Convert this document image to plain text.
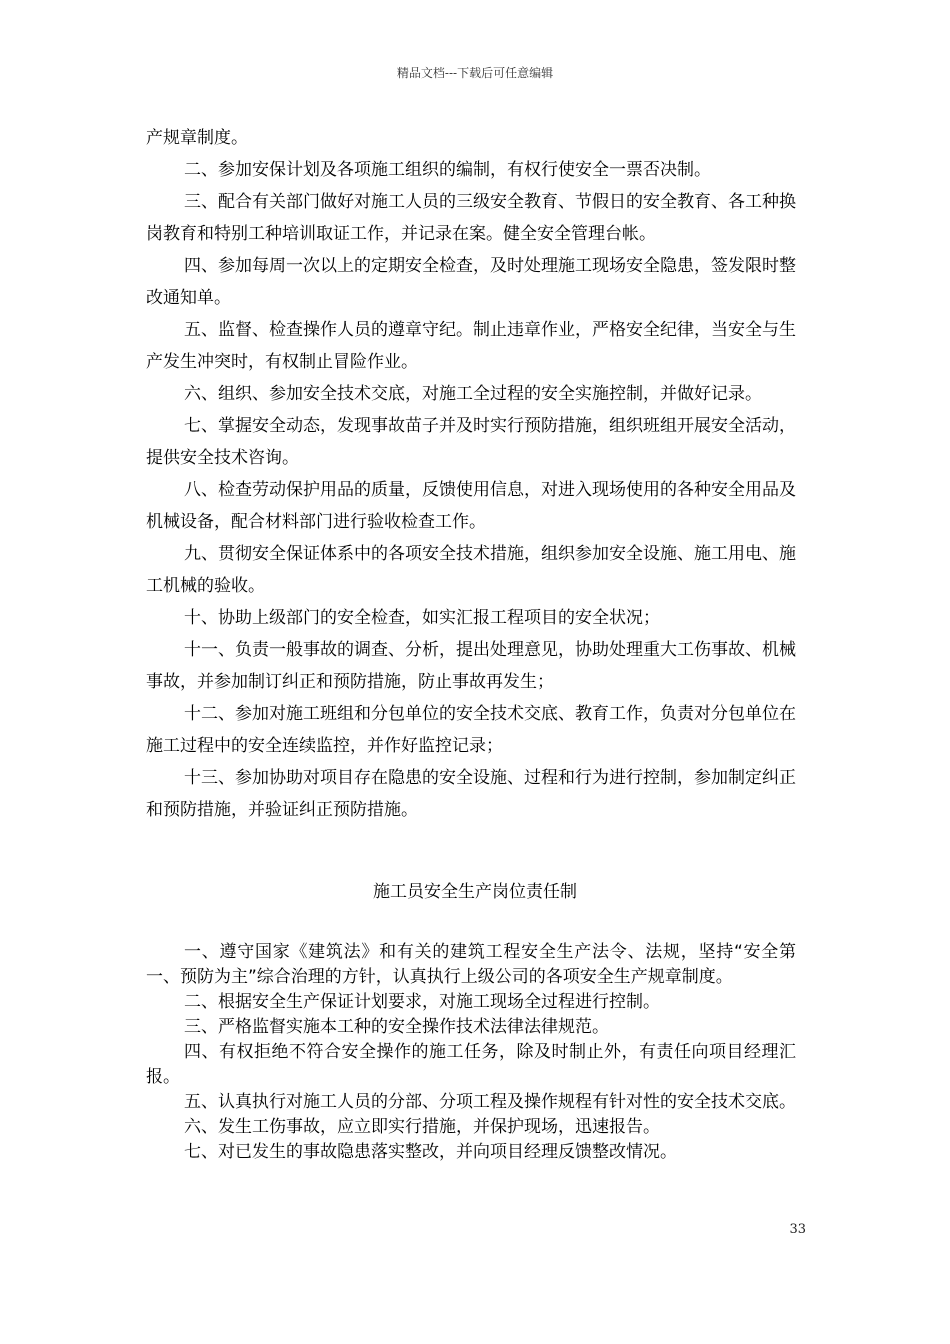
精品文档---下载后可任意编辑

产规章制度。

二、参加安保计划及各项施工组织的编制，有权行使安全一票否决制。

三、配合有关部门做好对施工人员的三级安全教育、节假日的安全教育、各工种换岗教育和特别工种培训取证工作，并记录在案。健全安全管理台帐。

四、参加每周一次以上的定期安全检查，及时处理施工现场安全隐患，签发限时整改通知单。

五、监督、检查操作人员的遵章守纪。制止违章作业，严格安全纪律，当安全与生产发生冲突时，有权制止冒险作业。

六、组织、参加安全技术交底，对施工全过程的安全实施控制，并做好记录。

七、掌握安全动态，发现事故苗子并及时实行预防措施，组织班组开展安全活动，提供安全技术咨询。

八、检查劳动保护用品的质量，反馈使用信息，对进入现场使用的各种安全用品及机械设备，配合材料部门进行验收检查工作。

九、贯彻安全保证体系中的各项安全技术措施，组织参加安全设施、施工用电、施工机械的验收。

十、协助上级部门的安全检查，如实汇报工程项目的安全状况；

十一、负责一般事故的调查、分析，提出处理意见，协助处理重大工伤事故、机械事故，并参加制订纠正和预防措施，防止事故再发生；

十二、参加对施工班组和分包单位的安全技术交底、教育工作，负责对分包单位在施工过程中的安全连续监控，并作好监控记录；

十三、参加协助对项目存在隐患的安全设施、过程和行为进行控制，参加制定纠正和预防措施，并验证纠正预防措施。

施工员安全生产岗位责任制

一、遵守国家《建筑法》和有关的建筑工程安全生产法令、法规，坚持“安全第一、预防为主”综合治理的方针，认真执行上级公司的各项安全生产规章制度。

二、根据安全生产保证计划要求，对施工现场全过程进行控制。

三、严格监督实施本工种的安全操作技术法律法律规范。

四、有权拒绝不符合安全操作的施工任务，除及时制止外，有责任向项目经理汇报。

五、认真执行对施工人员的分部、分项工程及操作规程有针对性的安全技术交底。

六、发生工伤事故，应立即实行措施，并保护现场，迅速报告。

七、对已发生的事故隐患落实整改，并向项目经理反馈整改情况。

33
